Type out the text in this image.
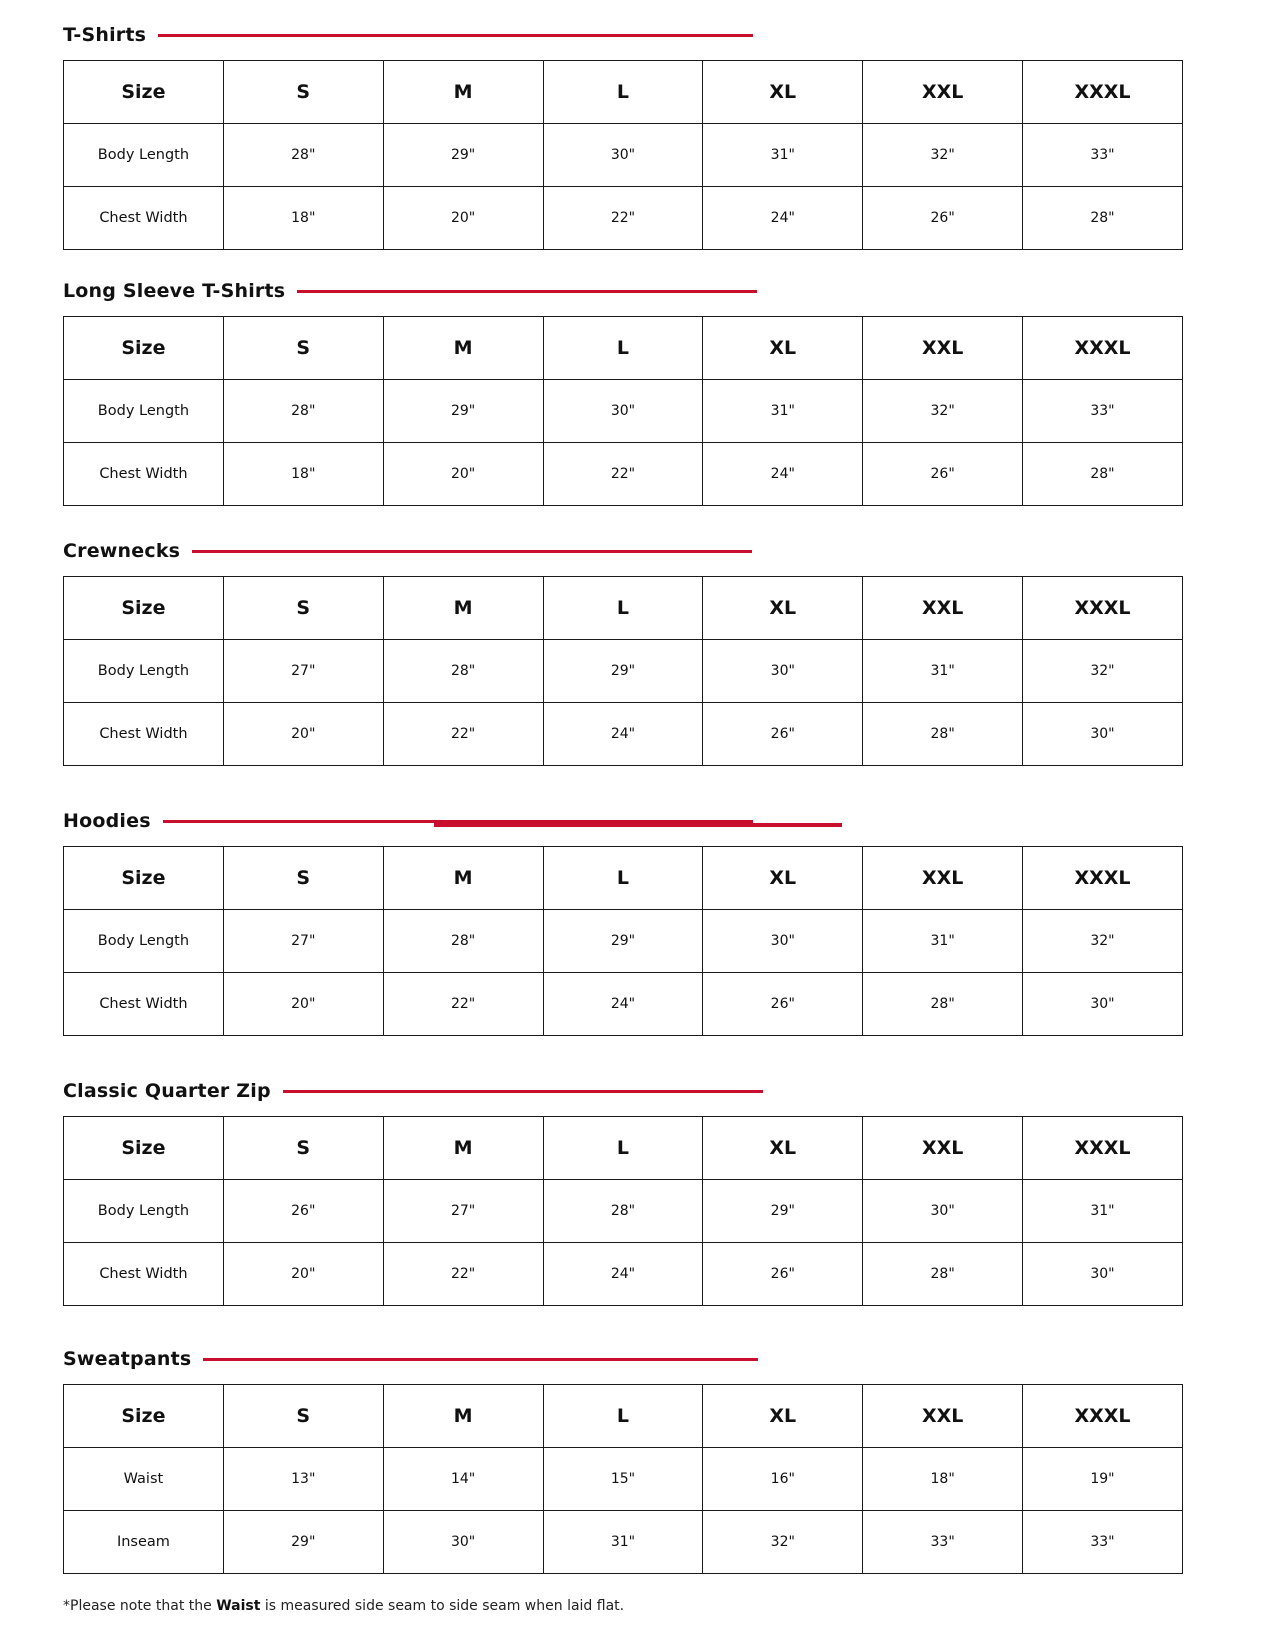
T-Shirts
Size	S	M	L	XL	XXL	XXXL
Body Length	28"	29"	30"	31"	32"	33"
Chest Width	18"	20"	22"	24"	26"	28"
Long Sleeve T-Shirts
Size	S	M	L	XL	XXL	XXXL
Body Length	28"	29"	30"	31"	32"	33"
Chest Width	18"	20"	22"	24"	26"	28"
Crewnecks
Size	S	M	L	XL	XXL	XXXL
Body Length	27"	28"	29"	30"	31"	32"
Chest Width	20"	22"	24"	26"	28"	30"
Hoodies
Size	S	M	L	XL	XXL	XXXL
Body Length	27"	28"	29"	30"	31"	32"
Chest Width	20"	22"	24"	26"	28"	30"
Classic Quarter Zip
Size	S	M	L	XL	XXL	XXXL
Body Length	26"	27"	28"	29"	30"	31"
Chest Width	20"	22"	24"	26"	28"	30"
Sweatpants
Size	S	M	L	XL	XXL	XXXL
Waist	13"	14"	15"	16"	18"	19"
Inseam	29"	30"	31"	32"	33"	33"
*Please note that the Waist is measured side seam to side seam when laid flat.
